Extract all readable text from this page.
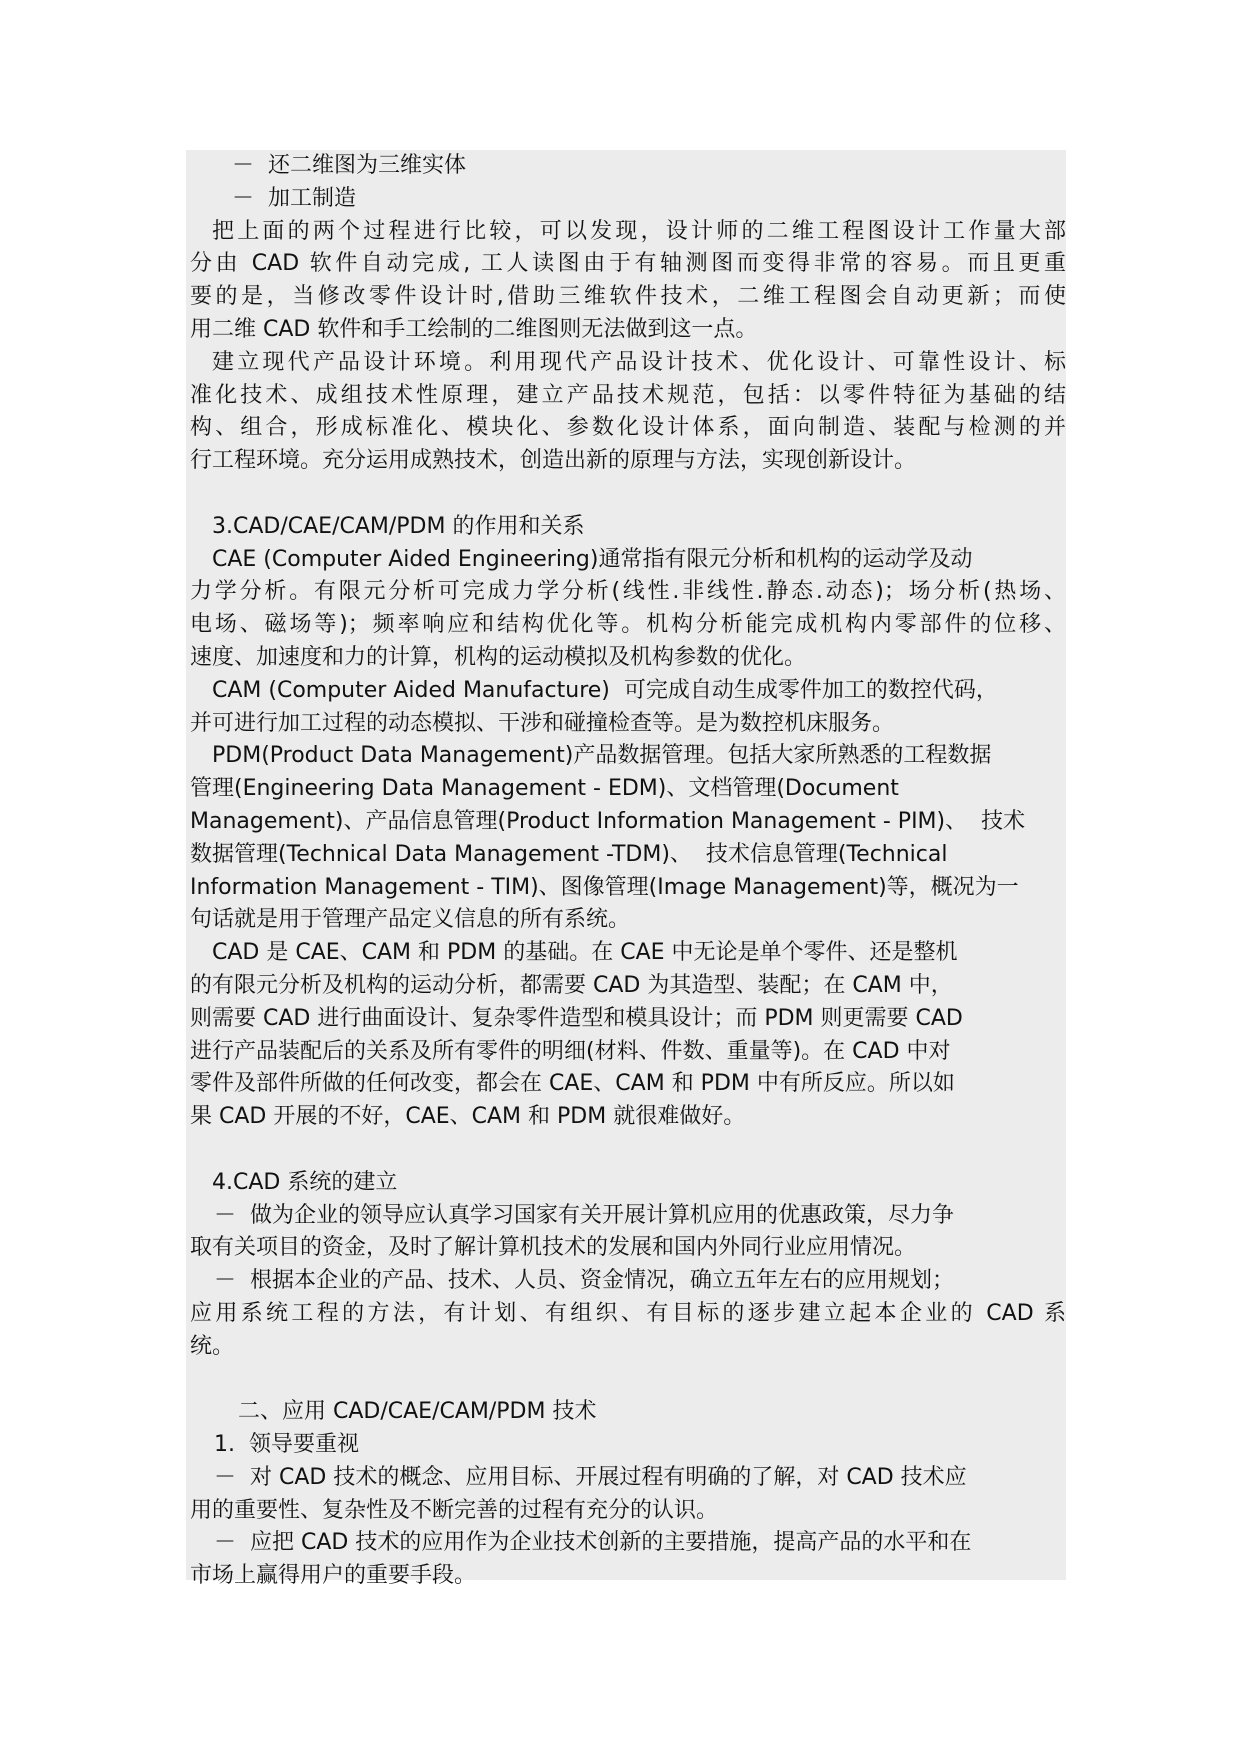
－  还二维图为三维实体
－  加工制造
把上面的两个过程进行比较，可以发现，设计师的二维工程图设计工作量大部
分由 CAD 软件自动完成, 工人读图由于有轴测图而变得非常的容易。而且更重
要的是，当修改零件设计时,借助三维软件技术，二维工程图会自动更新；而使
用二维 CAD 软件和手工绘制的二维图则无法做到这一点。
建立现代产品设计环境。利用现代产品设计技术、优化设计、可靠性设计、标
准化技术、成组技术性原理，建立产品技术规范，包括：以零件特征为基础的结
构、组合，形成标准化、模块化、参数化设计体系，面向制造、装配与检测的并
行工程环境。充分运用成熟技术，创造出新的原理与方法，实现创新设计。
3.CAD/CAE/CAM/PDM 的作用和关系
CAE (Computer Aided Engineering)通常指有限元分析和机构的运动学及动
力学分析。有限元分析可完成力学分析(线性.非线性.静态.动态)；场分析(热场、
电场、磁场等)；频率响应和结构优化等。机构分析能完成机构内零部件的位移、
速度、加速度和力的计算，机构的运动模拟及机构参数的优化。
CAM (Computer Aided Manufacture)  可完成自动生成零件加工的数控代码，
并可进行加工过程的动态模拟、干涉和碰撞检查等。是为数控机床服务。
PDM(Product Data Management)产品数据管理。包括大家所熟悉的工程数据
管理(Engineering Data Management - EDM)、文档管理(Document
Management)、产品信息管理(Product Information Management - PIM)、  技术
数据管理(Technical Data Management -TDM)、  技术信息管理(Technical
Information Management - TIM)、图像管理(Image Management)等，概况为一
句话就是用于管理产品定义信息的所有系统。
CAD 是 CAE、CAM 和 PDM 的基础。在 CAE 中无论是单个零件、还是整机
的有限元分析及机构的运动分析，都需要 CAD 为其造型、装配；在 CAM 中，
则需要 CAD 进行曲面设计、复杂零件造型和模具设计；而 PDM 则更需要 CAD
进行产品装配后的关系及所有零件的明细(材料、件数、重量等)。在 CAD 中对
零件及部件所做的任何改变，都会在 CAE、CAM 和 PDM 中有所反应。所以如
果 CAD 开展的不好，CAE、CAM 和 PDM 就很难做好。
4.CAD 系统的建立
－  做为企业的领导应认真学习国家有关开展计算机应用的优惠政策，尽力争
取有关项目的资金，及时了解计算机技术的发展和国内外同行业应用情况。
－  根据本企业的产品、技术、人员、资金情况，确立五年左右的应用规划；
应用系统工程的方法，有计划、有组织、有目标的逐步建立起本企业的 CAD 系
统。
二、应用 CAD/CAE/CAM/PDM 技术
1.  领导要重视
－  对 CAD 技术的概念、应用目标、开展过程有明确的了解，对 CAD 技术应
用的重要性、复杂性及不断完善的过程有充分的认识。
－  应把 CAD 技术的应用作为企业技术创新的主要措施，提高产品的水平和在
市场上赢得用户的重要手段。
